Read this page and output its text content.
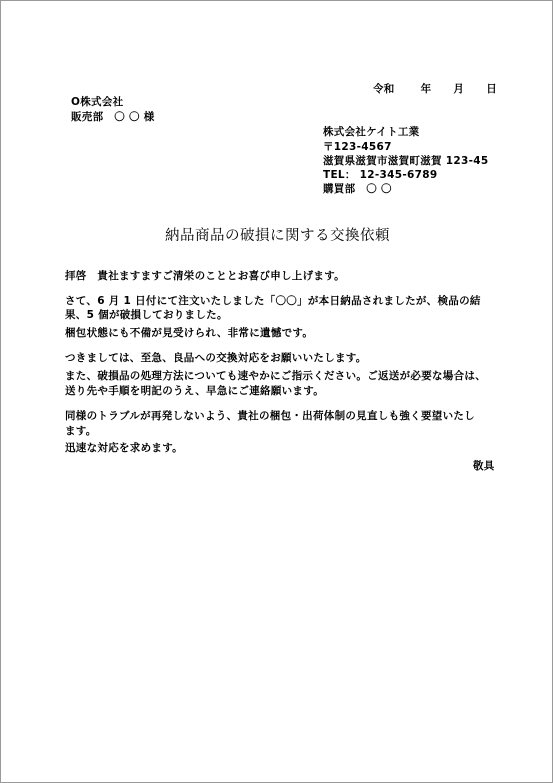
令和 年 月 日
O株式会社
販売部　〇 〇 様
株式会社ケイト工業
〒123-4567
滋賀県滋賀市滋賀町滋賀 123-45
TEL： 12-345-6789
購買部　〇 〇
納品商品の破損に関する交換依頼
拝啓　貴社ますますご清栄のこととお喜び申し上げます。
さて、6 月 1 日付にて注文いたしました「〇〇」が本日納品されましたが、検品の結
果、5 個が破損しておりました。
梱包状態にも不備が見受けられ、非常に遺憾です。
つきましては、至急、良品への交換対応をお願いいたします。
また、破損品の処理方法についても速やかにご指示ください。ご返送が必要な場合は、
送り先や手順を明記のうえ、早急にご連絡願います。
同様のトラブルが再発しないよう、貴社の梱包・出荷体制の見直しも強く要望いたし
ます。
迅速な対応を求めます。
敬具
